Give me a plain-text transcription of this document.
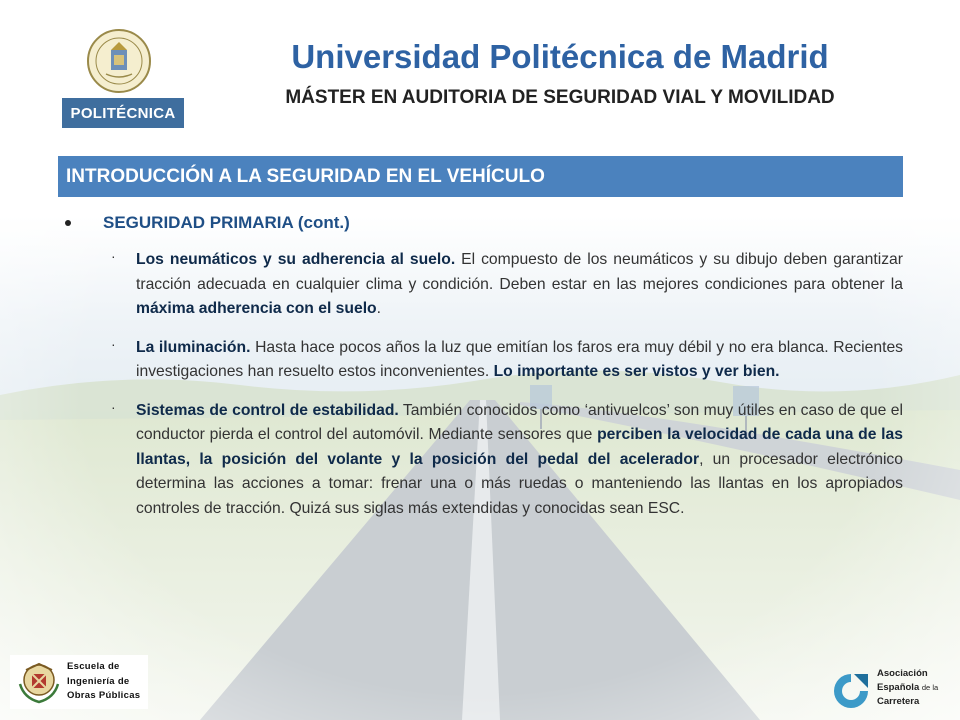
POLITÉCNICA
Universidad Politécnica de Madrid
MÁSTER EN AUDITORIA DE SEGURIDAD VIAL Y MOVILIDAD
INTRODUCCIÓN A LA SEGURIDAD EN EL VEHÍCULO
SEGURIDAD PRIMARIA (cont.)
· Los neumáticos y su adherencia al suelo. El compuesto de los neumáticos y su dibujo deben garantizar tracción adecuada en cualquier clima y condición. Deben estar en las mejores condiciones para obtener la máxima adherencia con el suelo.
· La iluminación. Hasta hace pocos años la luz que emitían los faros era muy débil y no era blanca. Recientes investigaciones han resuelto estos inconvenientes. Lo importante es ser vistos y ver bien.
· Sistemas de control de estabilidad. También conocidos como ‘antivuelcos’ son muy útiles en caso de que el conductor pierda el control del automóvil. Mediante sensores que perciben la velocidad de cada una de las llantas, la posición del volante y la posición del pedal del acelerador, un procesador electrónico determina las acciones a tomar: frenar una o más ruedas o manteniendo las llantas en los apropiados controles de tracción. Quizá sus siglas más extendidas y conocidas sean ESC.
Escuela de
Ingeniería de
Obras Públicas
Asociación
Española de la
Carretera
